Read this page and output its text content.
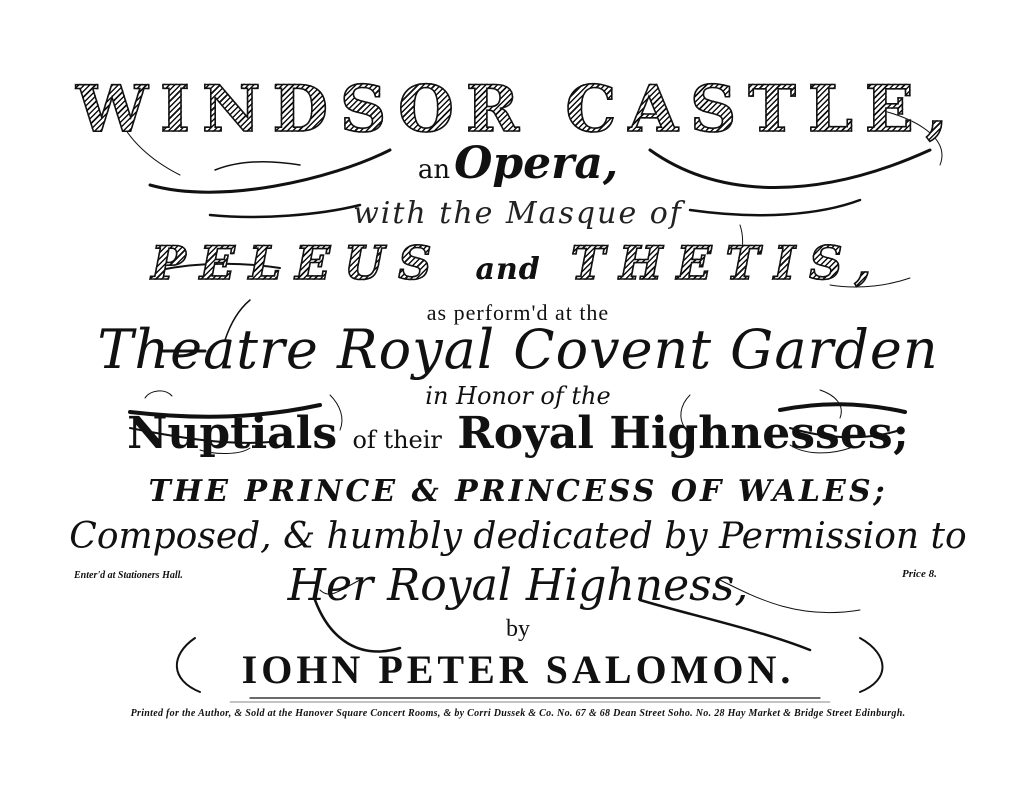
WINDSOR CASTLE,
an Opera,
with the Masque of
PELEUS and THETIS,
as perform'd at the
Theatre Royal Covent Garden
in Honor of the
Nuptials of their Royal Highnesses;
THE PRINCE & PRINCESS OF WALES;
Composed, & humbly dedicated by Permission to
Her Royal Highness,
Enter'd at Stationers Hall.	Price 8.
by
IOHN PETER SALOMON.
Printed for the Author, & Sold at the Hanover Square Concert Rooms, & by Corri Dussek & Co. No. 67 & 68 Dean Street Soho. No. 28 Hay Market & Bridge Street Edinburgh.
